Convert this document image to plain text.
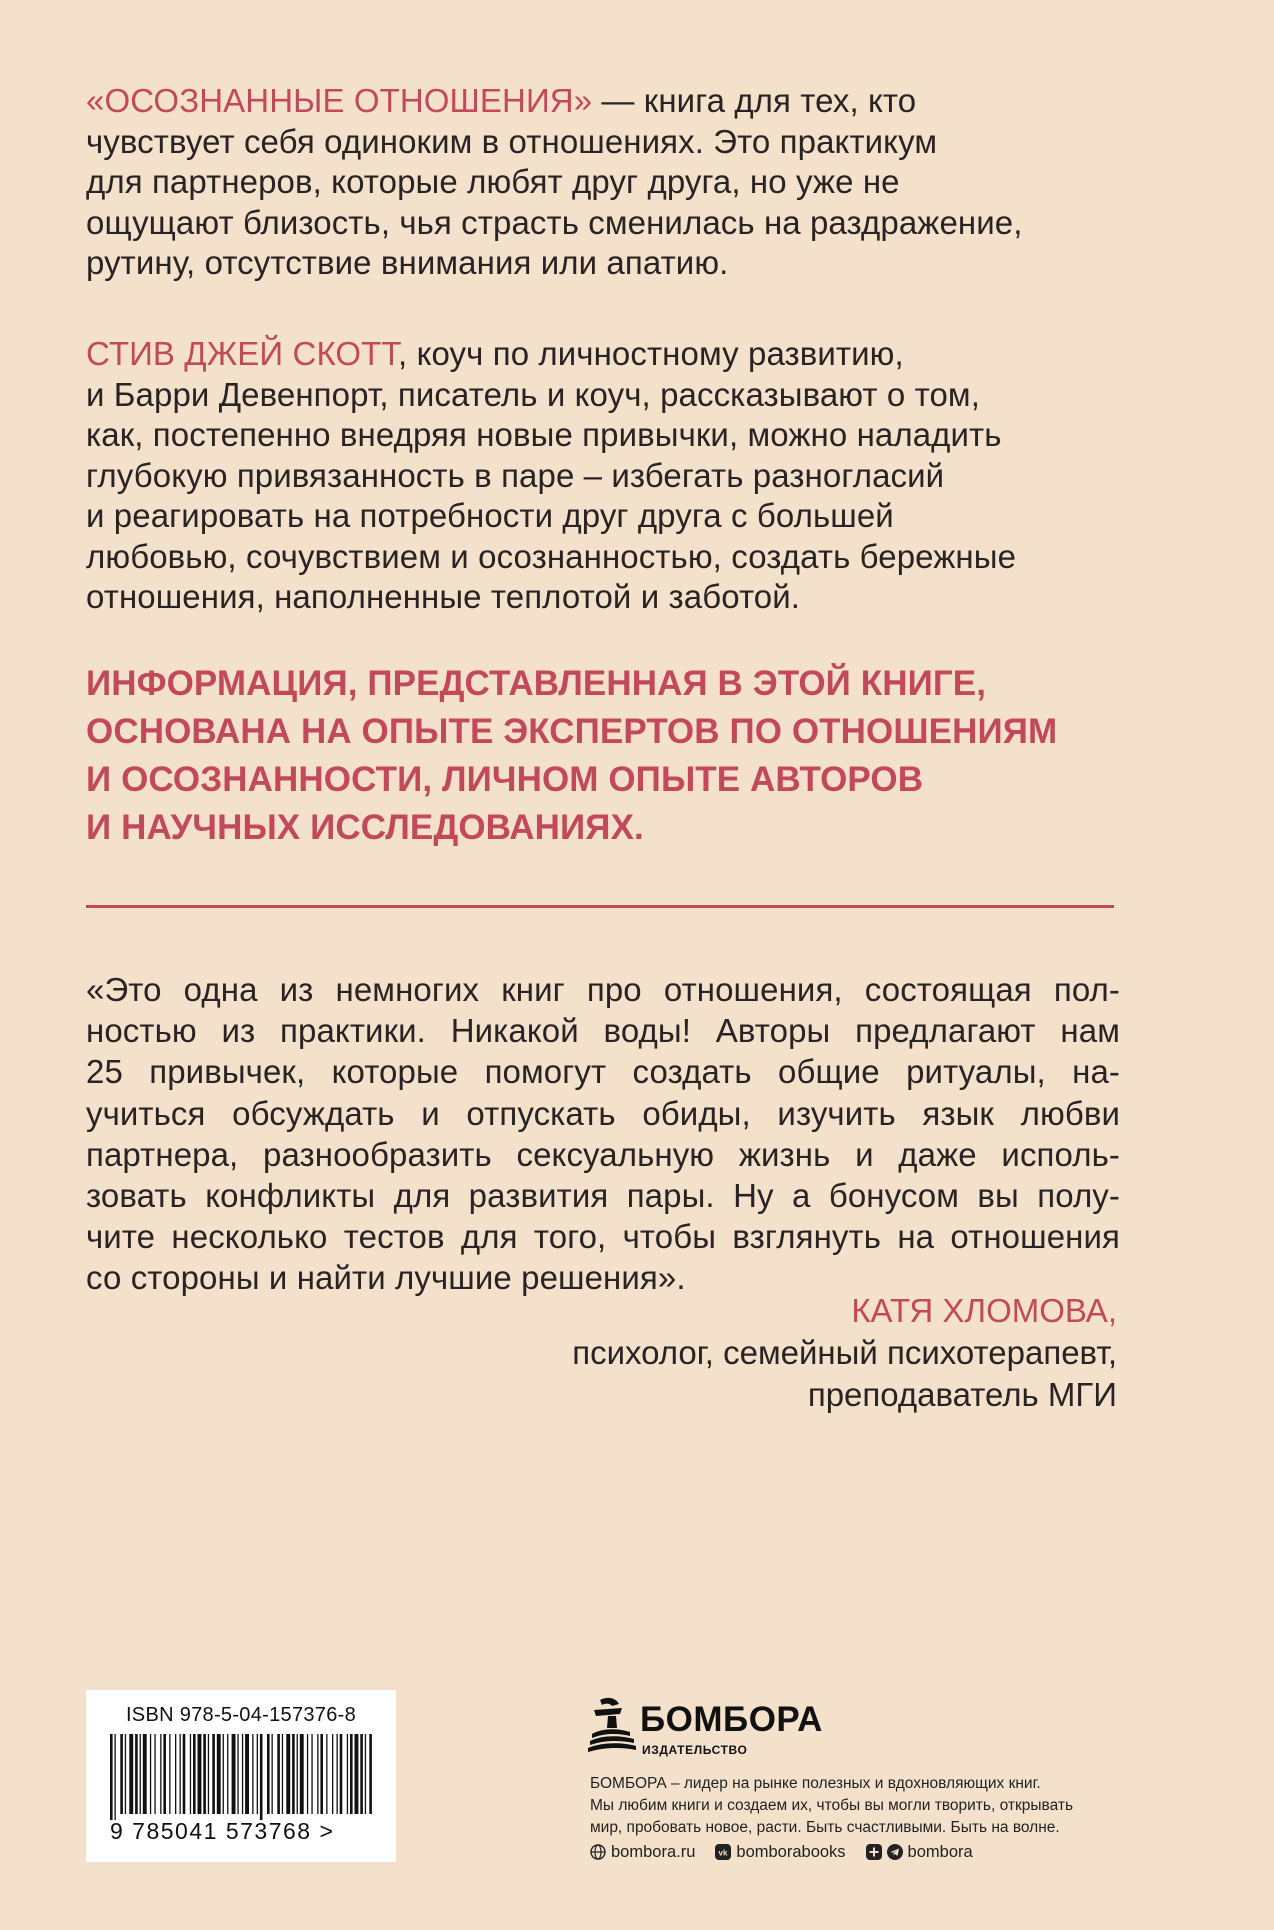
«ОСОЗНАННЫЕ ОТНОШЕНИЯ» — книга для тех, кто
чувствует себя одиноким в отношениях. Это практикум
для партнеров, которые любят друг друга, но уже не
ощущают близость, чья страсть сменилась на раздражение,
рутину, отсутствие внимания или апатию.
СТИВ ДЖЕЙ СКОТТ, коуч по личностному развитию,
и Барри Девенпорт, писатель и коуч, рассказывают о том,
как, постепенно внедряя новые привычки, можно наладить
глубокую привязанность в паре – избегать разногласий
и реагировать на потребности друг друга с большей
любовью, сочувствием и осознанностью, создать бережные
отношения, наполненные теплотой и заботой.
ИНФОРМАЦИЯ, ПРЕДСТАВЛЕННАЯ В ЭТОЙ КНИГЕ,
ОСНОВАНА НА ОПЫТЕ ЭКСПЕРТОВ ПО ОТНОШЕНИЯМ
И ОСОЗНАННОСТИ, ЛИЧНОМ ОПЫТЕ АВТОРОВ
И НАУЧНЫХ ИССЛЕДОВАНИЯХ.
«Это одна из немногих книг про отношения, состоящая пол-
ностью из практики. Никакой воды! Авторы предлагают нам
25 привычек, которые помогут создать общие ритуалы, на-
учиться обсуждать и отпускать обиды, изучить язык любви
партнера, разнообразить сексуальную жизнь и даже исполь-
зовать конфликты для развития пары. Ну а бонусом вы полу-
чите несколько тестов для того, чтобы взглянуть на отношения
со стороны и найти лучшие решения».
КАТЯ ХЛОМОВА,
психолог, семейный психотерапевт,
преподаватель МГИ
ISBN 978-5-04-157376-8
9 785041 573768 >
БОМБОРА
ИЗДАТЕЛЬСТВО
БОМБОРА – лидер на рынке полезных и вдохновляющих книг.
Мы любим книги и создаем их, чтобы вы могли творить, открывать
мир, пробовать новое, расти. Быть счастливыми. Быть на волне.
bombora.ru	vk bomborabooks	bombora
